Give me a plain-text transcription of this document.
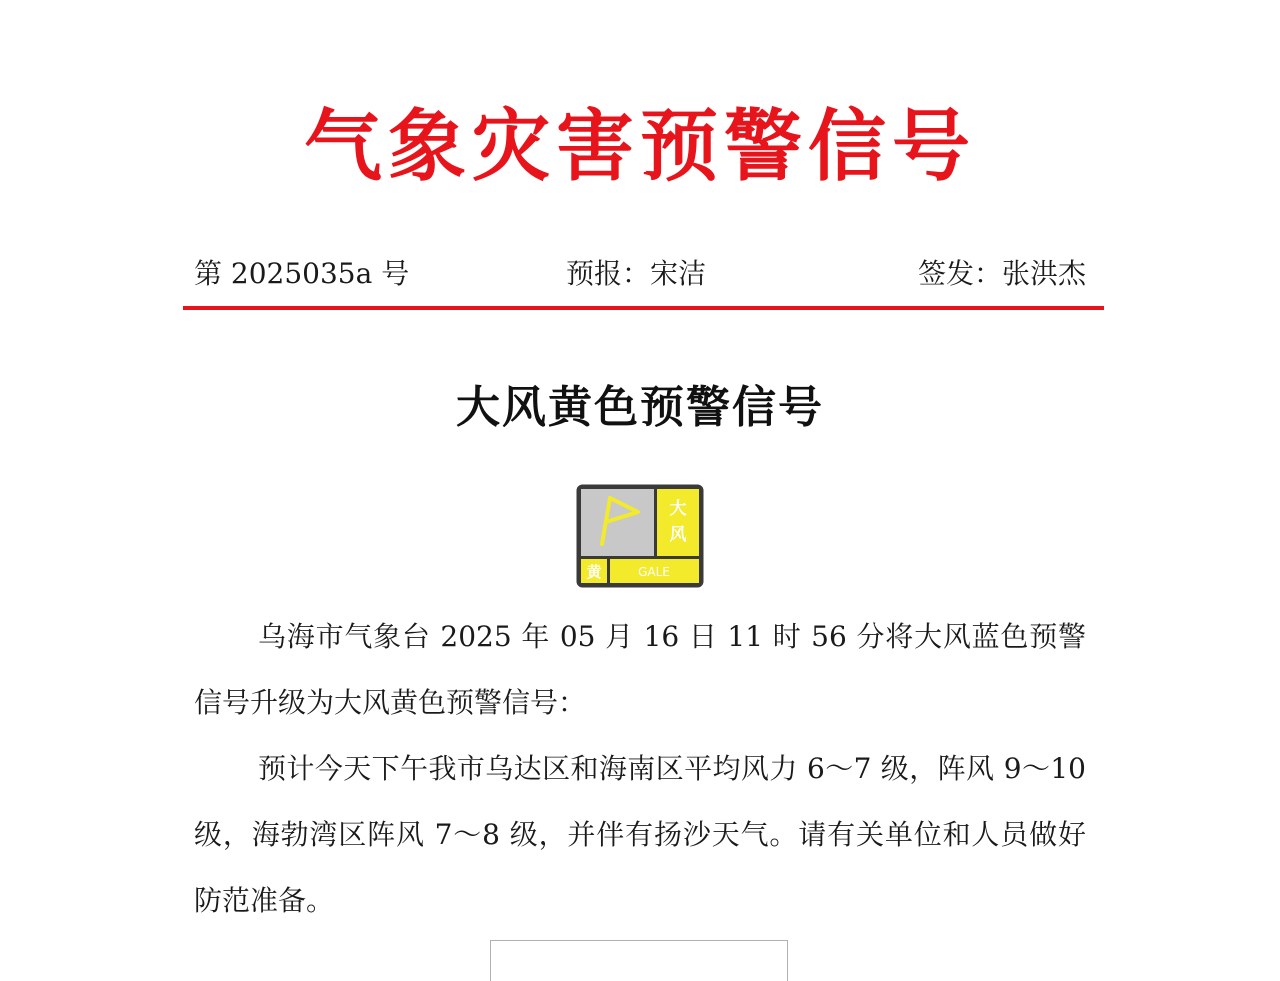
气象灾害预警信号
第 2025035a 号	预报：宋洁	签发：张洪杰
大风黄色预警信号
大
风
黄	GALE
乌海市气象台 2025 年 05 月 16 日 11 时 56 分将大风蓝色预警信号升级为大风黄色预警信号：
预计今天下午我市乌达区和海南区平均风力 6～7 级，阵风 9～10 级，海勃湾区阵风 7～8 级，并伴有扬沙天气。请有关单位和人员做好防范准备。
